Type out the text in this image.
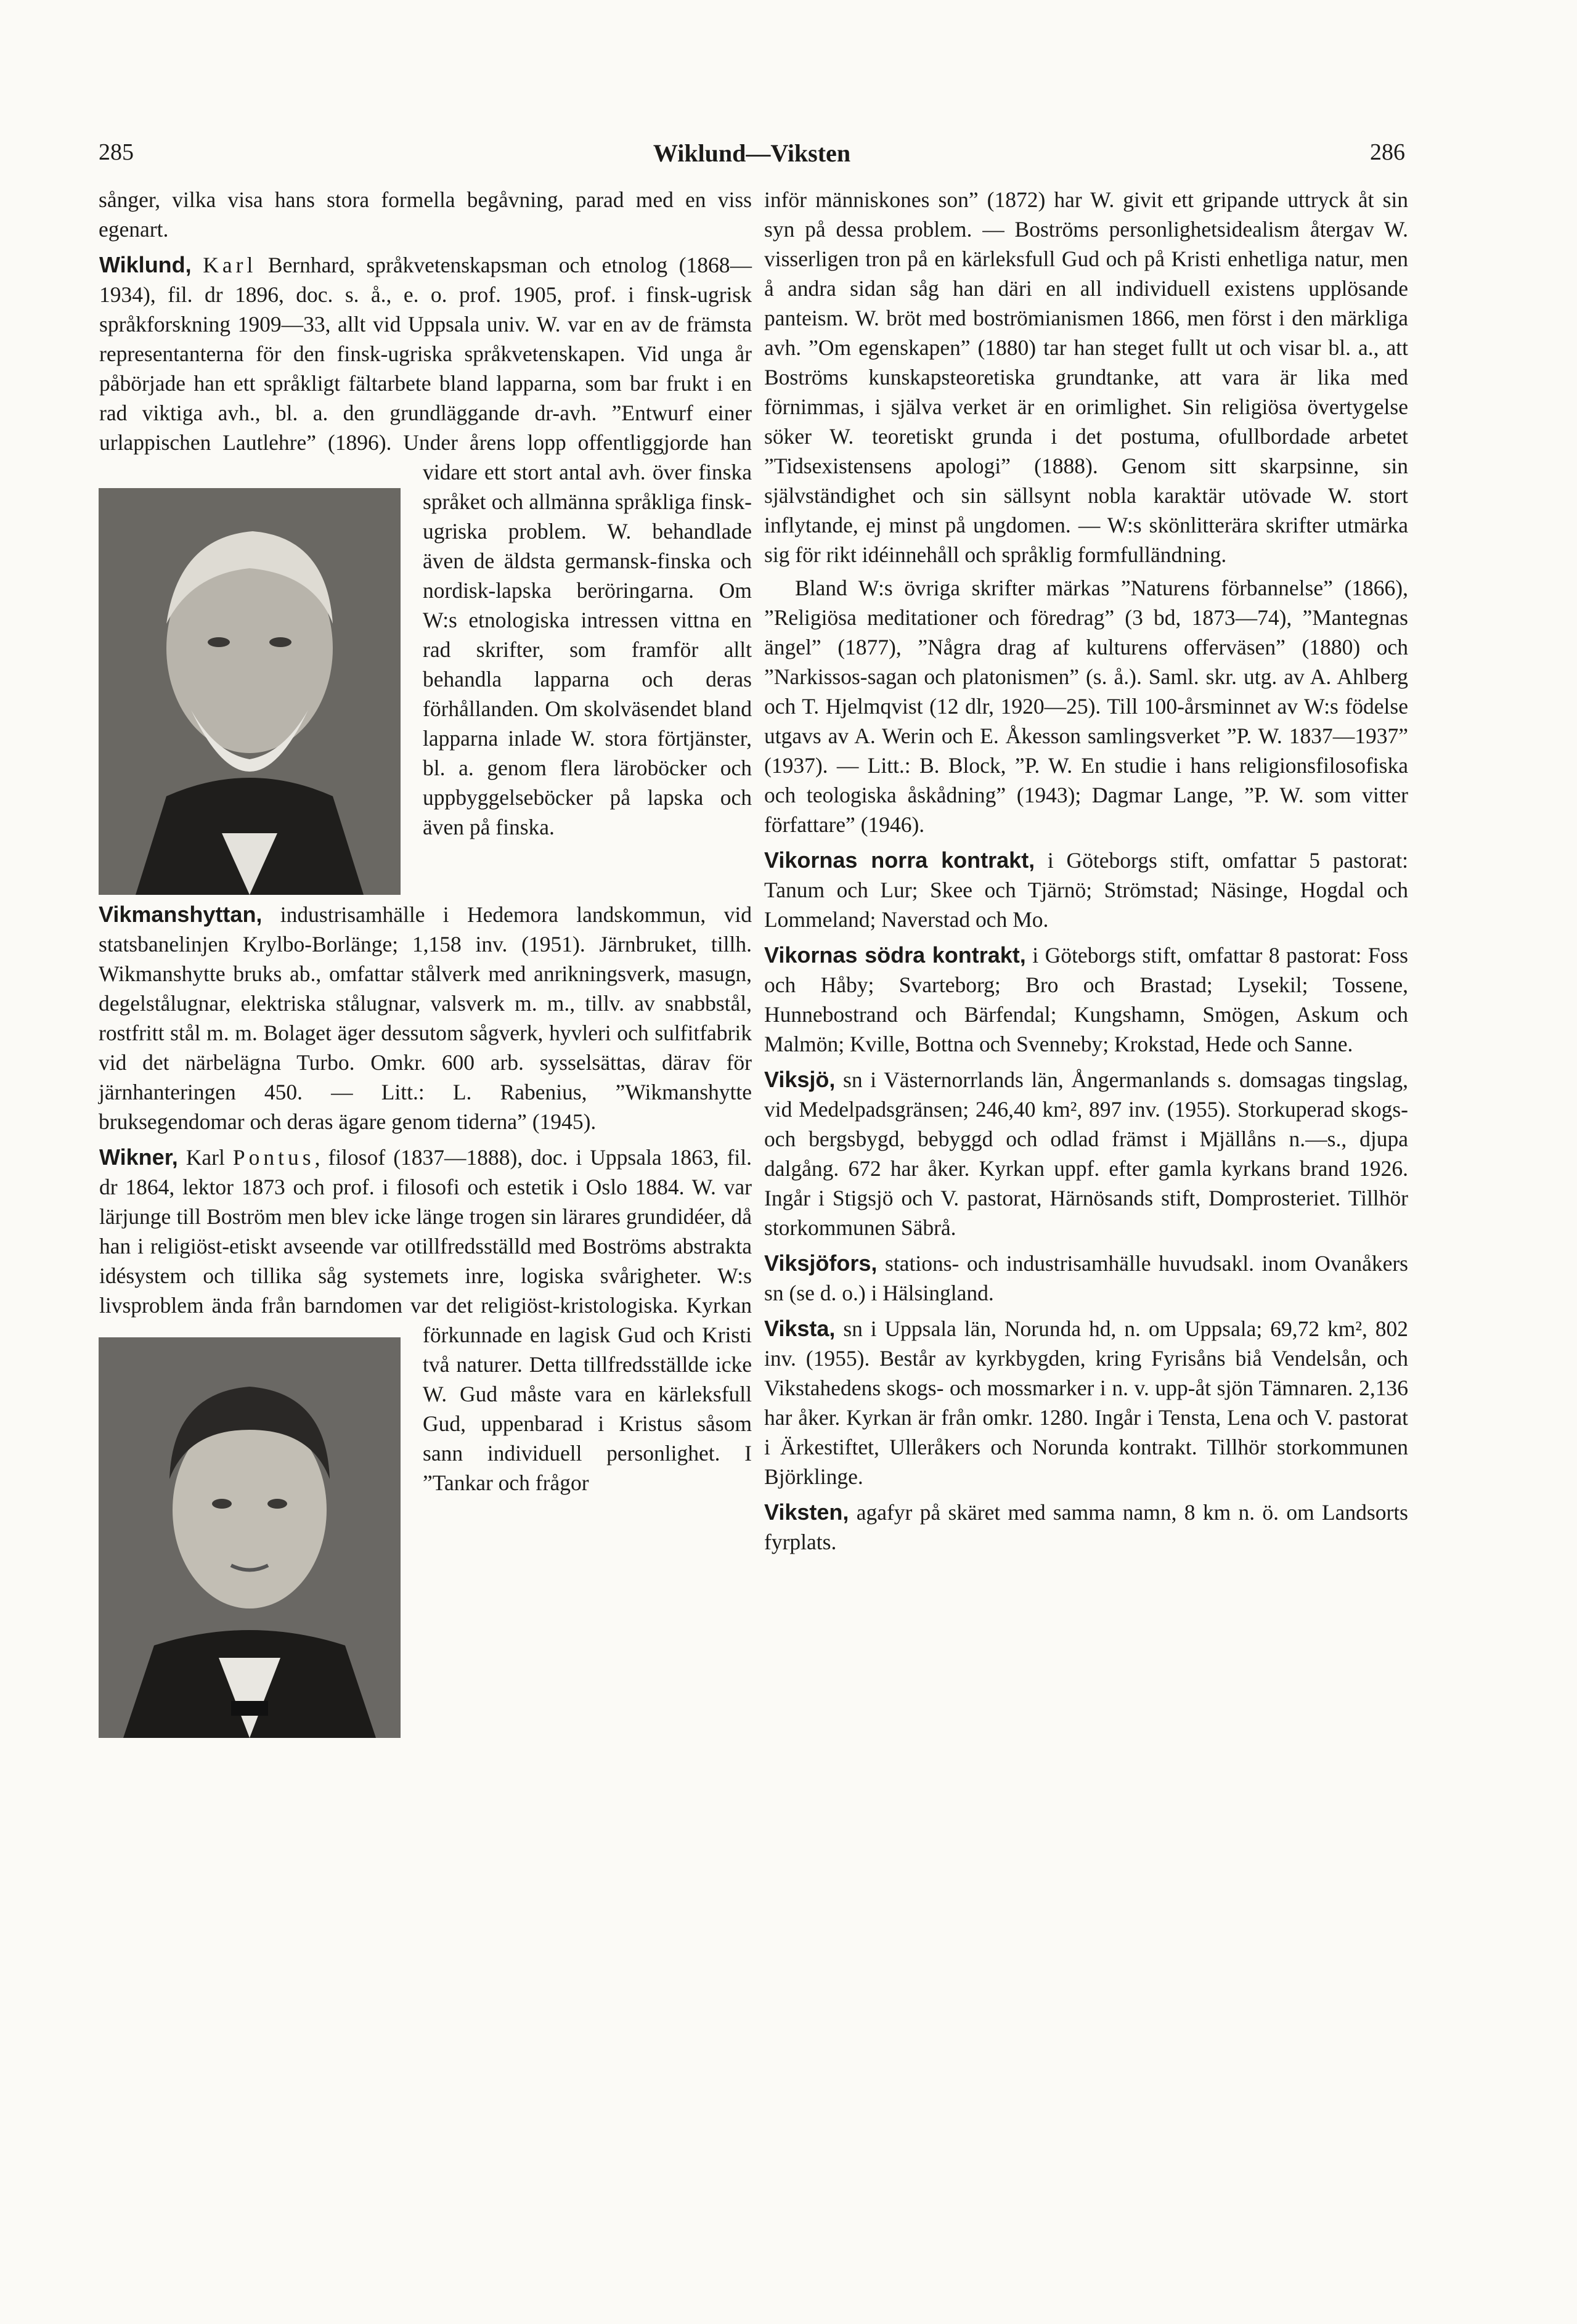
285	Wiklund—Viksten	286

sånger, vilka visa hans stora formella begåvning, parad med en viss egenart.

Wiklund, Karl Bernhard, språkvetenskapsman och etnolog (1868—1934), fil. dr 1896, doc. s. å., e. o. prof. 1905, prof. i finsk-ugrisk språkforskning 1909—33, allt vid Uppsala univ. W. var en av de främsta representanterna för den finsk-ugriska språkvetenskapen. Vid unga år påbörjade han ett språkligt fältarbete bland lapparna, som bar frukt i en rad viktiga avh., bl. a. den grundläggande dr-avh. ”Entwurf einer urlappischen Lautlehre” (1896). Under årens lopp offentliggjorde han vidare ett stort antal avh. över finska språket och allmänna språkliga finsk-ugriska problem. W. behandlade även de äldsta germansk-finska och nordisk-lapska beröringarna. Om W:s etnologiska intressen vittna en rad skrifter, som framför allt behandla lapparna och deras förhållanden. Om skolväsendet bland lapparna inlade W. stora förtjänster, bl. a. genom flera läroböcker och uppbyggelseböcker på lapska och även på finska.

Vikmanshyttan, industrisamhälle i Hedemora landskommun, vid statsbanelinjen Krylbo-Borlänge; 1,158 inv. (1951). Järnbruket, tillh. Wikmanshytte bruks ab., omfattar stålverk med anrikningsverk, masugn, degelstålugnar, elektriska stålugnar, valsverk m. m., tillv. av snabbstål, rostfritt stål m. m. Bolaget äger dessutom sågverk, hyvleri och sulfitfabrik vid det närbelägna Turbo. Omkr. 600 arb. sysselsättas, därav för järnhanteringen 450. — Litt.: L. Rabenius, ”Wikmanshytte bruksegendomar och deras ägare genom tiderna” (1945).

Wikner, Karl Pontus, filosof (1837—1888), doc. i Uppsala 1863, fil. dr 1864, lektor 1873 och prof. i filosofi och estetik i Oslo 1884. W. var lärjunge till Boström men blev icke länge trogen sin lärares grundidéer, då han i religiöst-etiskt avseende var otillfredsställd med Boströms abstrakta idésystem och tillika såg systemets inre, logiska svårigheter. W:s livsproblem ända från barndomen var det religiöst-kristologiska. Kyrkan förkunnade en lagisk Gud och Kristi två naturer. Detta tillfredsställde icke W. Gud måste vara en kärleksfull Gud, uppenbarad i Kristus såsom sann individuell personlighet. I ”Tankar och frågor

inför människones son” (1872) har W. givit ett gripande uttryck åt sin syn på dessa problem. — Boströms personlighetsidealism återgav W. visserligen tron på en kärleksfull Gud och på Kristi enhetliga natur, men å andra sidan såg han däri en all individuell existens upplösande panteism. W. bröt med boströmianismen 1866, men först i den märkliga avh. ”Om egenskapen” (1880) tar han steget fullt ut och visar bl. a., att Boströms kunskapsteoretiska grundtanke, att vara är lika med förnimmas, i själva verket är en orimlighet. Sin religiösa övertygelse söker W. teoretiskt grunda i det postuma, ofullbordade arbetet ”Tidsexistensens apologi” (1888). Genom sitt skarpsinne, sin självständighet och sin sällsynt nobla karaktär utövade W. stort inflytande, ej minst på ungdomen. — W:s skönlitterära skrifter utmärka sig för rikt idéinnehåll och språklig formfulländning.

Bland W:s övriga skrifter märkas ”Naturens förbannelse” (1866), ”Religiösa meditationer och föredrag” (3 bd, 1873—74), ”Mantegnas ängel” (1877), ”Några drag af kulturens offerväsen” (1880) och ”Narkissos-sagan och platonismen” (s. å.). Saml. skr. utg. av A. Ahlberg och T. Hjelmqvist (12 dlr, 1920—25). Till 100-årsminnet av W:s födelse utgavs av A. Werin och E. Åkesson samlingsverket ”P. W. 1837—1937” (1937). — Litt.: B. Block, ”P. W. En studie i hans religionsfilosofiska och teologiska åskådning” (1943); Dagmar Lange, ”P. W. som vitter författare” (1946).

Vikornas norra kontrakt, i Göteborgs stift, omfattar 5 pastorat: Tanum och Lur; Skee och Tjärnö; Strömstad; Näsinge, Hogdal och Lommeland; Naverstad och Mo.

Vikornas södra kontrakt, i Göteborgs stift, omfattar 8 pastorat: Foss och Håby; Svarteborg; Bro och Brastad; Lysekil; Tossene, Hunnebostrand och Bärfendal; Kungshamn, Smögen, Askum och Malmön; Kville, Bottna och Svenneby; Krokstad, Hede och Sanne.

Viksjö, sn i Västernorrlands län, Ångermanlands s. domsagas tingslag, vid Medelpadsgränsen; 246,40 km², 897 inv. (1955). Storkuperad skogs- och bergsbygd, bebyggd och odlad främst i Mjällåns n.—s., djupa dalgång. 672 har åker. Kyrkan uppf. efter gamla kyrkans brand 1926. Ingår i Stigsjö och V. pastorat, Härnösands stift, Domprosteriet. Tillhör storkommunen Säbrå.

Viksjöfors, stations- och industrisamhälle huvudsakl. inom Ovanåkers sn (se d. o.) i Hälsingland.

Viksta, sn i Uppsala län, Norunda hd, n. om Uppsala; 69,72 km², 802 inv. (1955). Består av kyrkbygden, kring Fyrisåns biå Vendelsån, och Vikstahedens skogs- och mossmarker i n. v. upp-åt sjön Tämnaren. 2,136 har åker. Kyrkan är från omkr. 1280. Ingår i Tensta, Lena och V. pastorat i Ärkestiftet, Ulleråkers och Norunda kontrakt. Tillhör storkommunen Björklinge.

Viksten, agafyr på skäret med samma namn, 8 km n. ö. om Landsorts fyrplats.
